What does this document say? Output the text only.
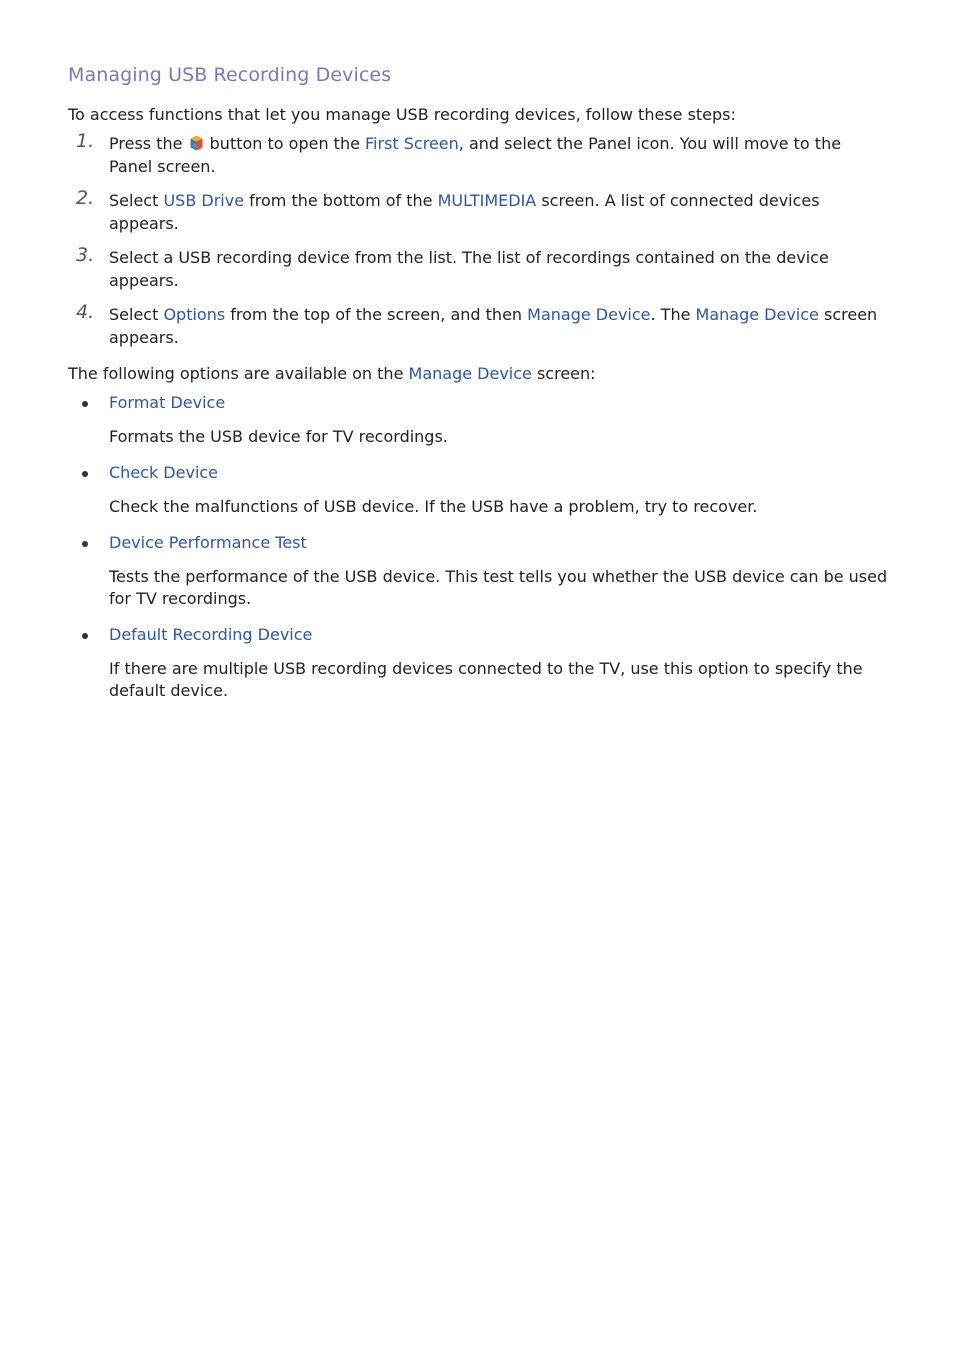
Managing USB Recording Devices
To access functions that let you manage USB recording devices, follow these steps:
1. Press the button to open the First Screen, and select the Panel icon. You will move to the Panel screen.
2. Select USB Drive from the bottom of the MULTIMEDIA screen. A list of connected devices appears.
3. Select a USB recording device from the list. The list of recordings contained on the device appears.
4. Select Options from the top of the screen, and then Manage Device. The Manage Device screen appears.
The following options are available on the Manage Device screen:
Format Device
Formats the USB device for TV recordings.
Check Device
Check the malfunctions of USB device. If the USB have a problem, try to recover.
Device Performance Test
Tests the performance of the USB device. This test tells you whether the USB device can be used for TV recordings.
Default Recording Device
If there are multiple USB recording devices connected to the TV, use this option to specify the default device.
